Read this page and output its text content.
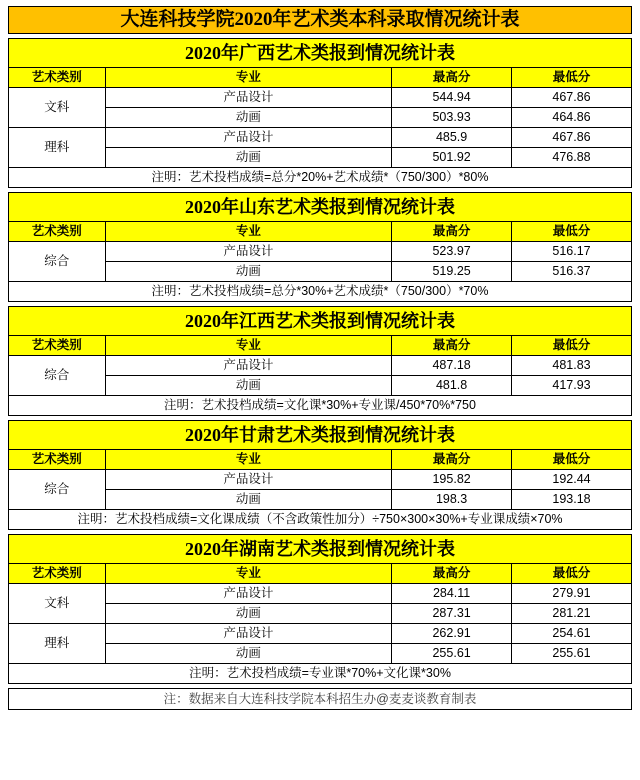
大连科技学院2020年艺术类本科录取情况统计表
2020年广西艺术类报到情况统计表
艺术类别	专业	最高分	最低分
文科	产品设计	544.94	467.86
	动画	503.93	464.86
理科	产品设计	485.9	467.86
	动画	501.92	476.88
注明：艺术投档成绩=总分*20%+艺术成绩*（750/300）*80%			
2020年山东艺术类报到情况统计表
艺术类别	专业	最高分	最低分
综合	产品设计	523.97	516.17
	动画	519.25	516.37
注明：艺术投档成绩=总分*30%+艺术成绩*（750/300）*70%			
2020年江西艺术类报到情况统计表
艺术类别	专业	最高分	最低分
综合	产品设计	487.18	481.83
	动画	481.8	417.93
注明：艺术投档成绩=文化课*30%+专业课/450*70%*750			
2020年甘肃艺术类报到情况统计表
艺术类别	专业	最高分	最低分
综合	产品设计	195.82	192.44
	动画	198.3	193.18
注明：艺术投档成绩=文化课成绩（不含政策性加分）÷750×300×30%+专业课成绩×70%			
2020年湖南艺术类报到情况统计表
艺术类别	专业	最高分	最低分
文科	产品设计	284.11	279.91
	动画	287.31	281.21
理科	产品设计	262.91	254.61
	动画	255.61	255.61
注明：艺术投档成绩=专业课*70%+文化课*30%			
注：数据来自大连科技学院本科招生办@麦麦谈教育制表
